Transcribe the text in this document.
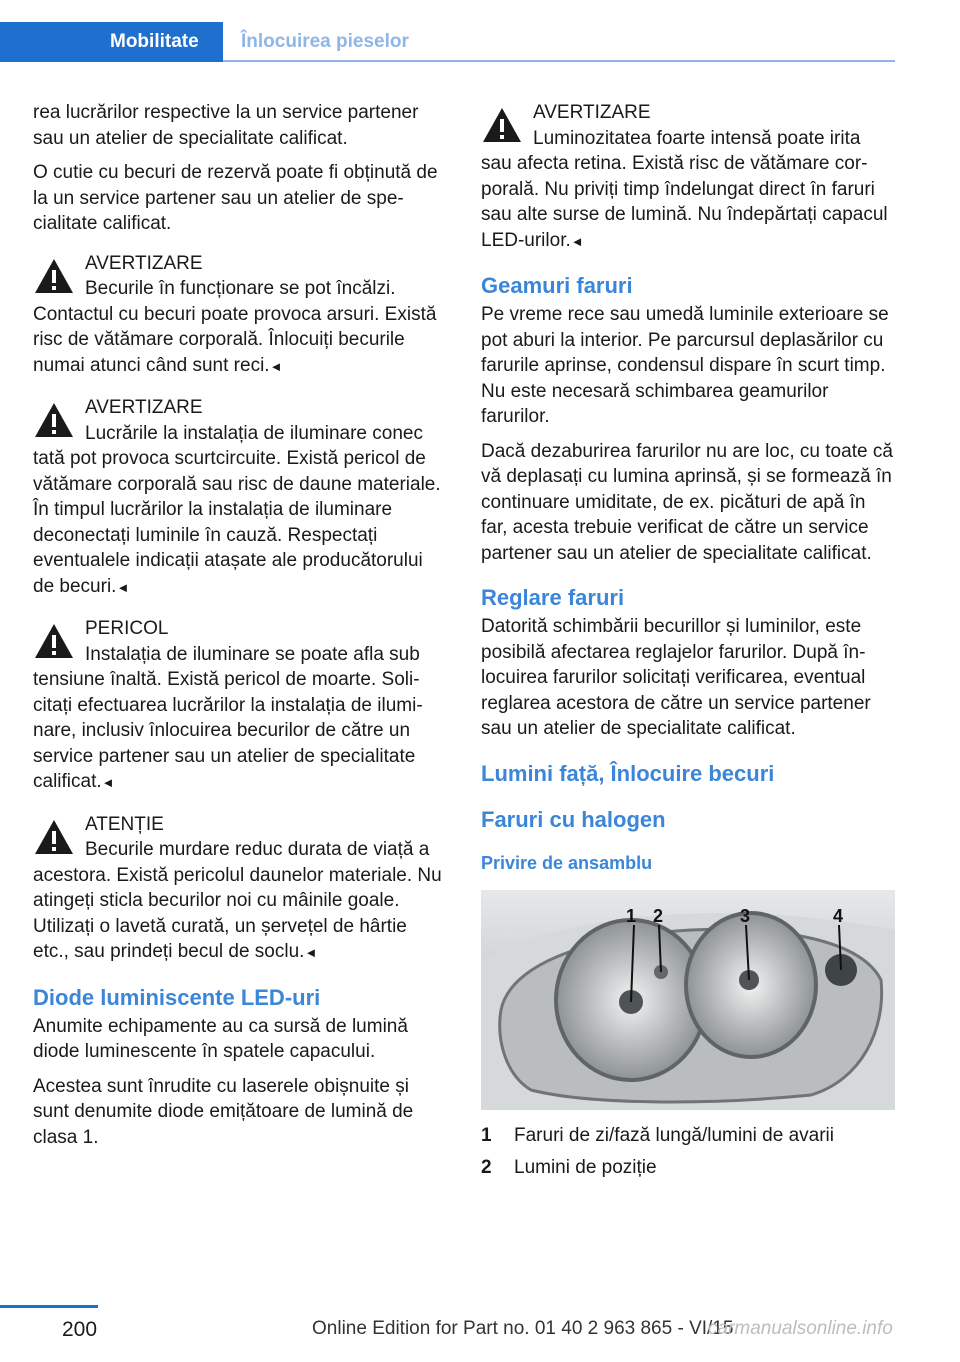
Mobilitate	Înlocuirea pieselor

rea lucrărilor respective la un service partener sau un atelier de specialitate calificat.

O cutie cu becuri de rezervă poate fi obținută de la un service partener sau un atelier de specialitate calificat.

AVERTIZARE
Becurile în funcționare se pot încălzi.
Contactul cu becuri poate provoca arsuri. Există risc de vătămare corporală. Înlocuiți becurile numai atunci când sunt reci.◄
AVERTIZARE
Lucrările la instalația de iluminare conec
tată pot provoca scurtcircuite. Există pericol de vătămare corporală sau risc de daune materiale. În timpul lucrărilor la instalația de iluminare deconectați luminile în cauză. Respectați eventualele indicații atașate ale producătorului de becuri.◄
PERICOL
Instalația de iluminare se poate afla sub
tensiune înaltă. Există pericol de moarte. Solicitați efectuarea lucrărilor la instalația de iluminare, inclusiv înlocuirea becurilor de către un service partener sau un atelier de specialitate calificat.◄
ATENȚIE
Becurile murdare reduc durata de viață a
acestora. Există pericolul daunelor materiale. Nu atingeți sticla becurilor noi cu mâinile goale. Utilizați o lavetă curată, un șervețel de hârtie etc., sau prindeți becul de soclu.◄
Diode luminiscente LED-uri

Anumite echipamente au ca sursă de lumină diode luminescente în spatele capacului.

Acestea sunt înrudite cu laserele obișnuite și sunt denumite diode emițătoare de lumină de clasa 1.

AVERTIZARE
Luminozitatea foarte intensă poate irita
sau afecta retina. Există risc de vătămare corporală. Nu priviți timp îndelungat direct în faruri sau alte surse de lumină. Nu îndepărtați capacul LED-urilor.◄
Geamuri faruri

Pe vreme rece sau umedă luminile exterioare se pot aburi la interior. Pe parcursul deplasărilor cu farurile aprinse, condensul dispare în scurt timp. Nu este necesară schimbarea geamurilor farurilor.

Dacă dezaburirea farurilor nu are loc, cu toate că vă deplasați cu lumina aprinsă, și se formează în continuare umiditate, de ex. picături de apă în far, acesta trebuie verificat de către un service partener sau un atelier de specialitate calificat.

Reglare faruri

Datorită schimbării becurillor și luminilor, este posibilă afectarea reglajelor farurilor. După înlocuirea farurilor solicitați verificarea, eventual reglarea acestora de către un service partener sau un atelier de specialitate calificat.

Lumini față, Înlocuire becuri
Faruri cu halogen
Privire de ansamblu
1 2	3	4
1	Faruri de zi/fază lungă/lumini de avarii
2	Lumini de poziție
200	Online Edition for Part no. 01 40 2 963 865 - VI/15
carmanualsonline.info
